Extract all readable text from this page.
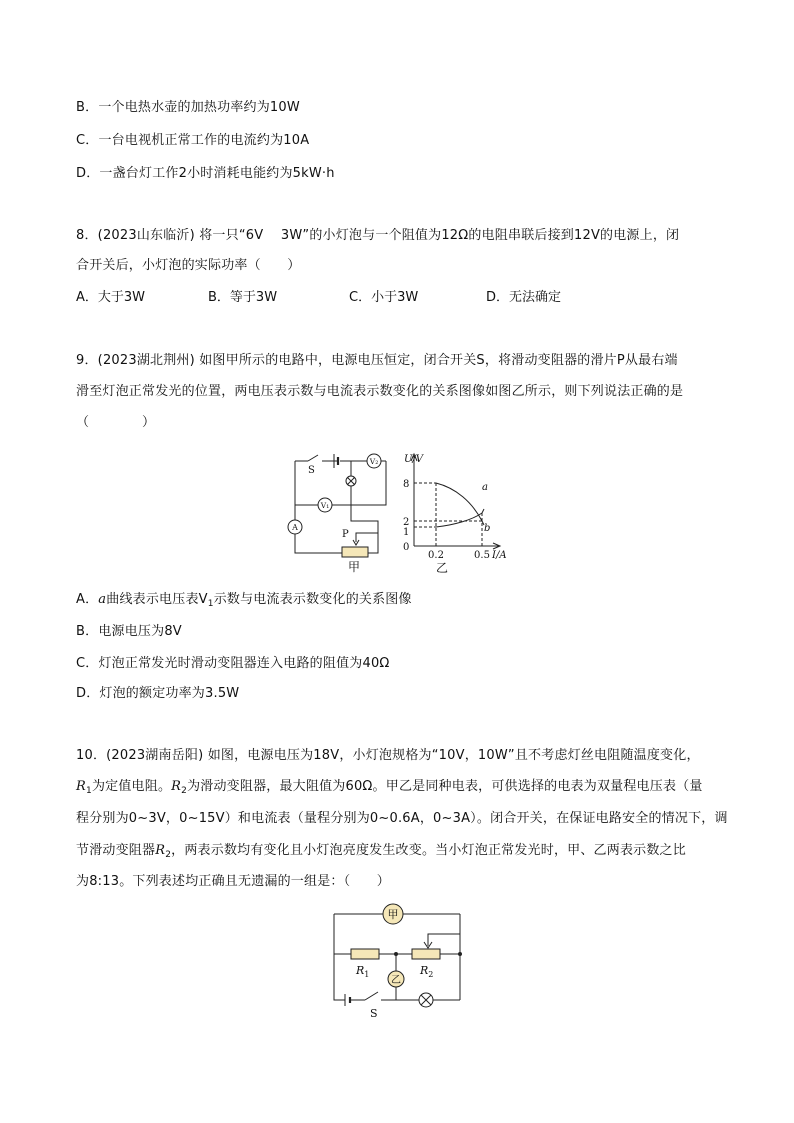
B．一个电热水壶的加热功率约为10W
C．一台电视机正常工作的电流约为10A
D．一盏台灯工作2小时消耗电能约为5kW·h
8．(2023山东临沂) 将一只“6V　 3W”的小灯泡与一个阻值为12Ω的电阻串联后接到12V的电源上，闭
合开关后，小灯泡的实际功率（　　）
A．大于3W	B．等于3W	C．小于3W	D．无法确定
9．(2023湖北荆州) 如图甲所示的电路中，电源电压恒定，闭合开关S，将滑动变阻器的滑片P从最右端
滑至灯泡正常发光的位置，两电压表示数与电流表示数变化的关系图像如图乙所示，则下列说法正确的是
（　　　　）
S
V₂
V₁
A
P
甲
U/V
8
2
1
0
0.2	0.5 I/A
a
b
乙
A．a曲线表示电压表$V_1$示数与电流表示数变化的关系图像
B．电源电压为8V
C．灯泡正常发光时滑动变阻器连入电路的阻值为40Ω
D．灯泡的额定功率为3.5W
10．(2023湖南岳阳) 如图，电源电压为18V，小灯泡规格为“10V，10W”且不考虑灯丝电阻随温度变化，
$R_1$为定值电阻。$R_2$为滑动变阻器，最大阻值为60Ω。甲乙是同种电表，可供选择的电表为双量程电压表（量
程分别为0~3V，0~15V）和电流表（量程分别为0~0.6A，0~3A）。闭合开关，在保证电路安全的情况下，调
节滑动变阻器$R_2$，两表示数均有变化且小灯泡亮度发生改变。当小灯泡正常发光时，甲、乙两表示数之比
为8:13。下列表述均正确且无遗漏的一组是：（　　）
甲
乙
$R_1$	$R_2$
S
